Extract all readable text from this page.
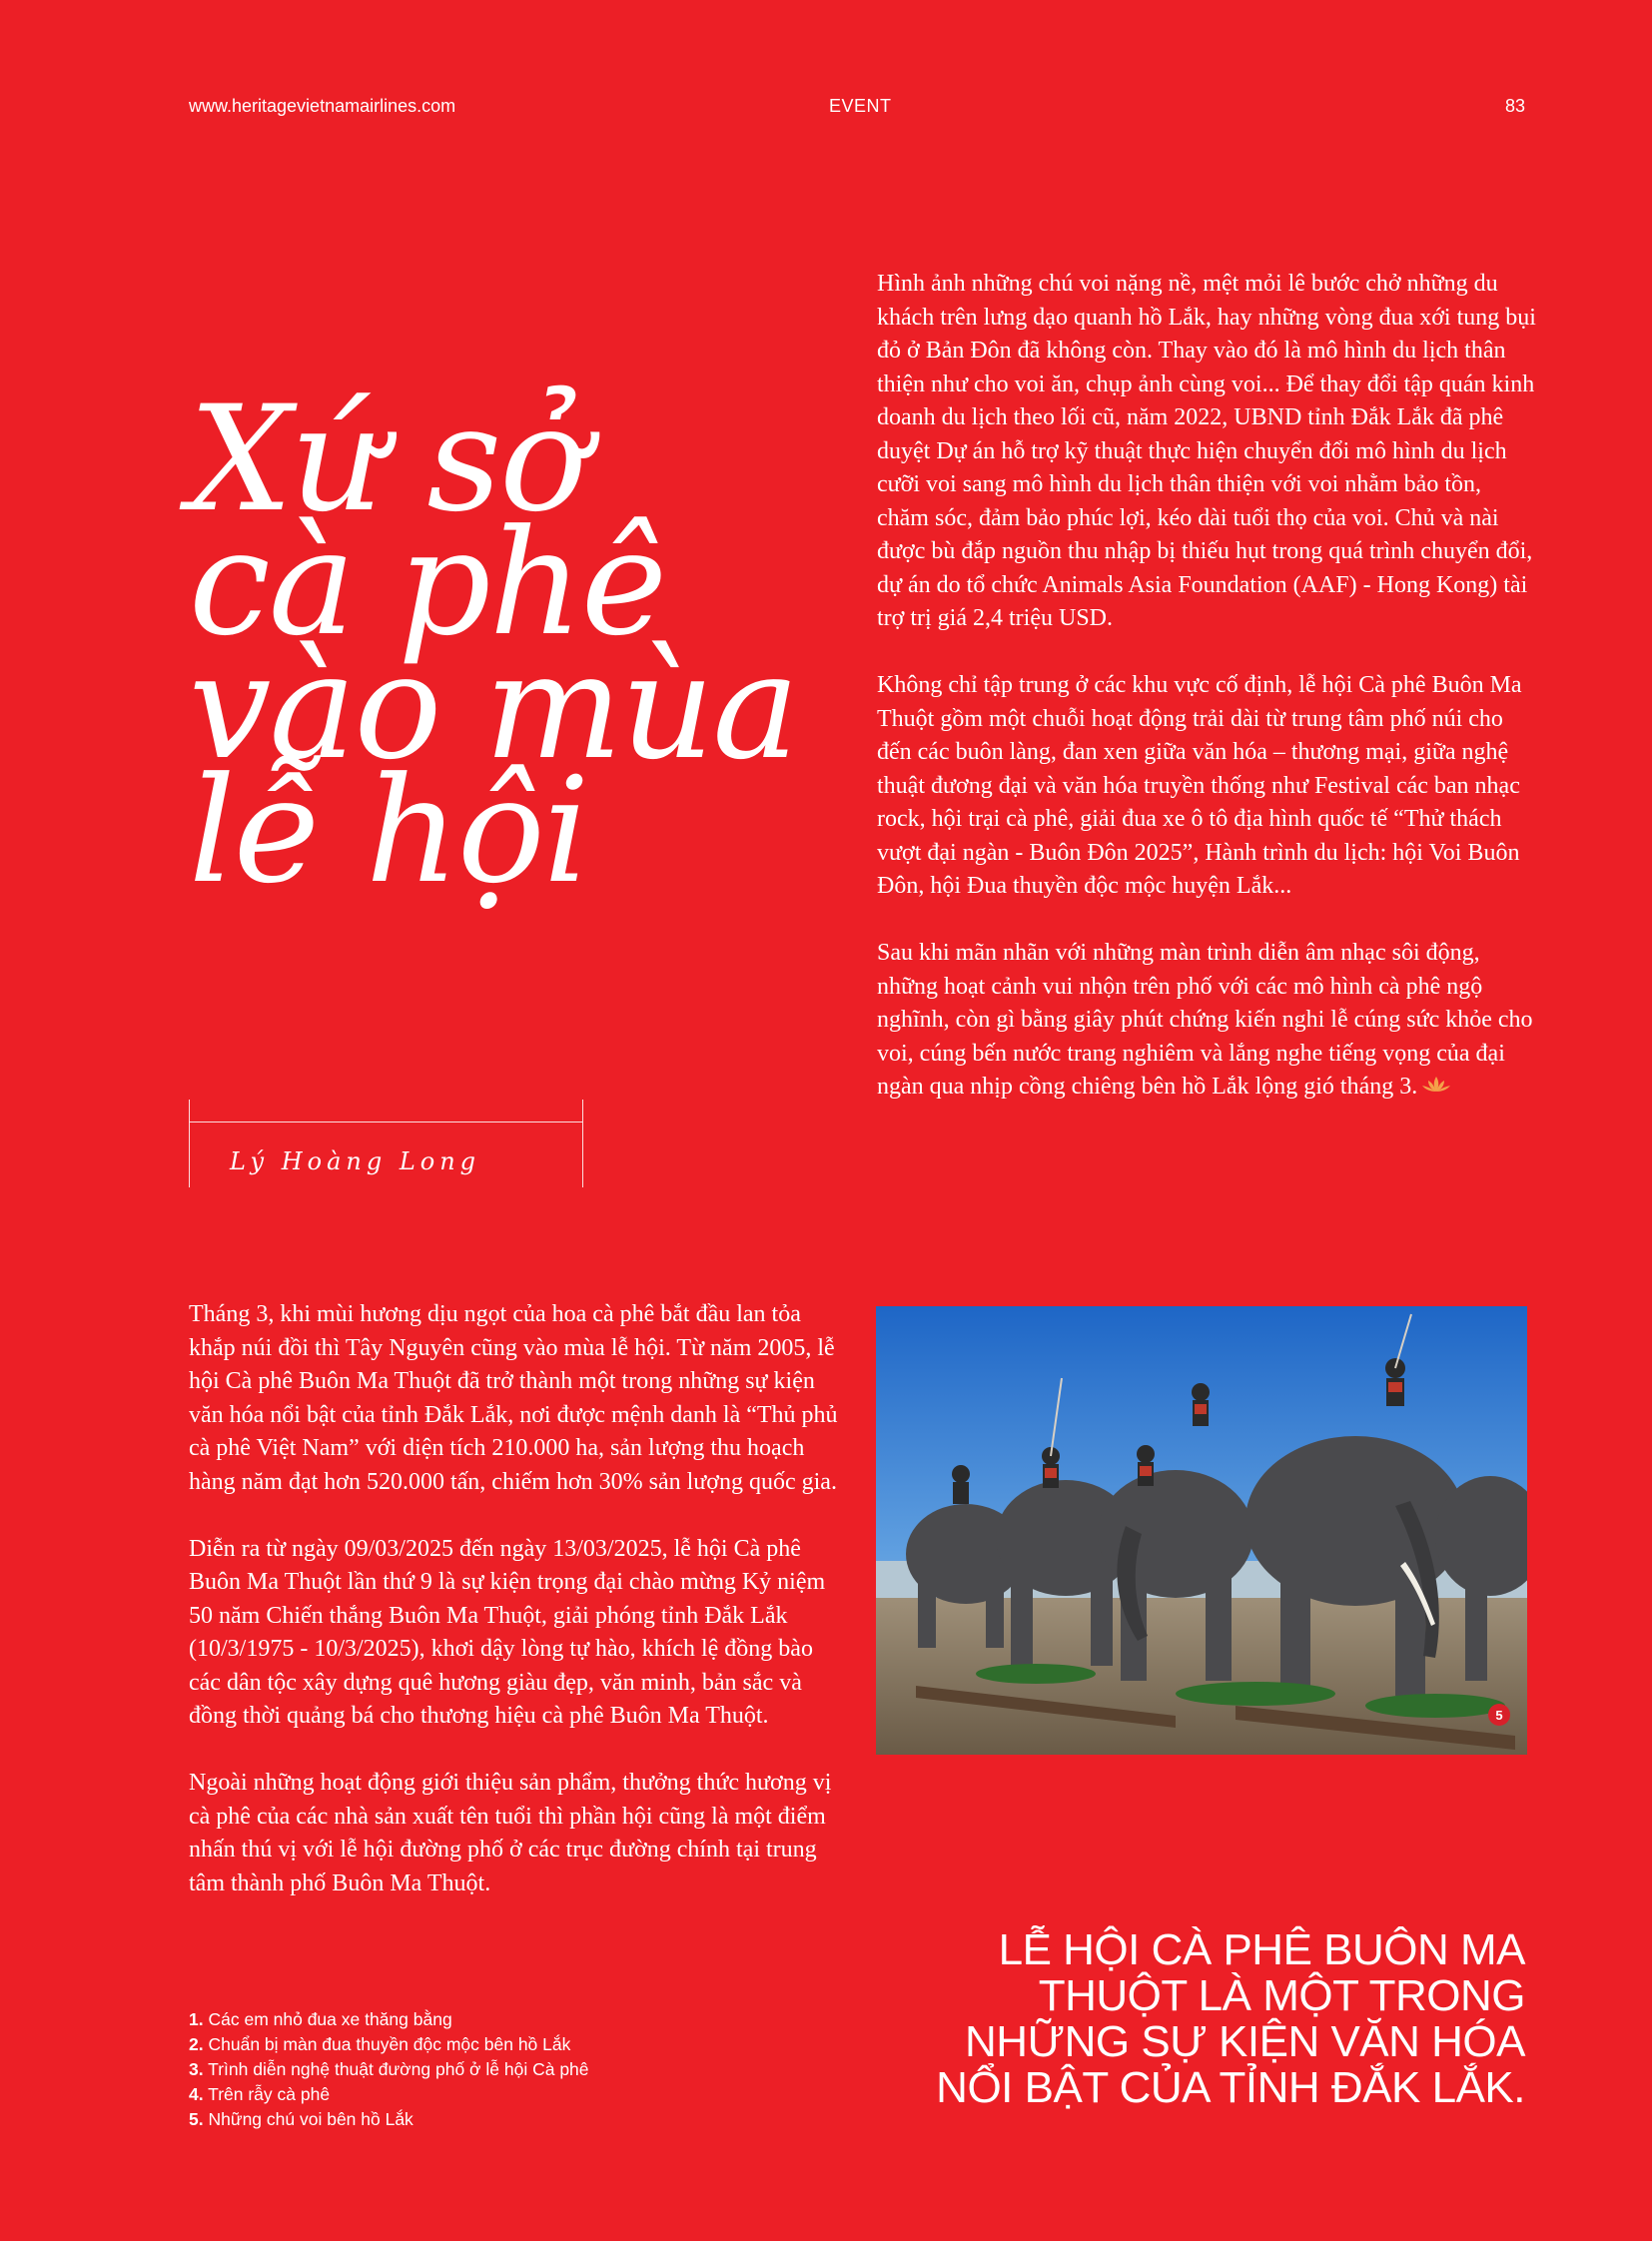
www.heritagevietnamairlines.com	EVENT	83
Xứ sở
cà phê
vào mùa
lễ hội
Lý Hoàng Long

Hình ảnh những chú voi nặng nề, mệt mỏi lê bước chở những du khách trên lưng dạo quanh hồ Lắk, hay những vòng đua xới tung bụi đỏ ở Bản Đôn đã không còn. Thay vào đó là mô hình du lịch thân thiện như cho voi ăn, chụp ảnh cùng voi... Để thay đổi tập quán kinh doanh du lịch theo lối cũ, năm 2022, UBND tỉnh Đắk Lắk đã phê duyệt Dự án hỗ trợ kỹ thuật thực hiện chuyển đổi mô hình du lịch cưỡi voi sang mô hình du lịch thân thiện với voi nhằm bảo tồn, chăm sóc, đảm bảo phúc lợi, kéo dài tuổi thọ của voi. Chủ và nài được bù đắp nguồn thu nhập bị thiếu hụt trong quá trình chuyển đổi, dự án do tổ chức Animals Asia Foundation (AAF) - Hong Kong) tài trợ trị giá 2,4 triệu USD.

Không chỉ tập trung ở các khu vực cố định, lễ hội Cà phê Buôn Ma Thuột gồm một chuỗi hoạt động trải dài từ trung tâm phố núi cho đến các buôn làng, đan xen giữa văn hóa – thương mại, giữa nghệ thuật đương đại và văn hóa truyền thống như Festival các ban nhạc rock, hội trại cà phê, giải đua xe ô tô địa hình quốc tế “Thử thách vượt đại ngàn - Buôn Đôn 2025”, Hành trình du lịch: hội Voi Buôn Đôn, hội Đua thuyền độc mộc huyện Lắk...

Sau khi mãn nhãn với những màn trình diễn âm nhạc sôi động, những hoạt cảnh vui nhộn trên phố với các mô hình cà phê ngộ nghĩnh, còn gì bằng giây phút chứng kiến nghi lễ cúng sức khỏe cho voi, cúng bến nước trang nghiêm và lắng nghe tiếng vọng của đại ngàn qua nhịp cồng chiêng bên hồ Lắk lộng gió tháng 3.

Tháng 3, khi mùi hương dịu ngọt của hoa cà phê bắt đầu lan tỏa khắp núi đồi thì Tây Nguyên cũng vào mùa lễ hội. Từ năm 2005, lễ hội Cà phê Buôn Ma Thuột đã trở thành một trong những sự kiện văn hóa nổi bật của tỉnh Đắk Lắk, nơi được mệnh danh là “Thủ phủ cà phê Việt Nam” với diện tích 210.000 ha, sản lượng thu hoạch hàng năm đạt hơn 520.000 tấn, chiếm hơn 30% sản lượng quốc gia.

Diễn ra từ ngày 09/03/2025 đến ngày 13/03/2025, lễ hội Cà phê Buôn Ma Thuột lần thứ 9 là sự kiện trọng đại chào mừng Kỷ niệm 50 năm Chiến thắng Buôn Ma Thuột, giải phóng tỉnh Đắk Lắk (10/3/1975 - 10/3/2025), khơi dậy lòng tự hào, khích lệ đồng bào các dân tộc xây dựng quê hương giàu đẹp, văn minh, bản sắc và đồng thời quảng bá cho thương hiệu cà phê Buôn Ma Thuột.

Ngoài những hoạt động giới thiệu sản phẩm, thưởng thức hương vị cà phê của các nhà sản xuất tên tuổi thì phần hội cũng là một điểm nhấn thú vị với lễ hội đường phố ở các trục đường chính tại trung tâm thành phố Buôn Ma Thuột.

5
1. Các em nhỏ đua xe thăng bằng
2. Chuẩn bị màn đua thuyền độc mộc bên hồ Lắk
3. Trình diễn nghệ thuật đường phố ở lễ hội Cà phê
4. Trên rẫy cà phê
5. Những chú voi bên hồ Lắk
LỄ HỘI CÀ PHÊ BUÔN MA THUỘT LÀ MỘT TRONG NHỮNG SỰ KIỆN VĂN HÓA NỔI BẬT CỦA TỈNH ĐẮK LẮK.
